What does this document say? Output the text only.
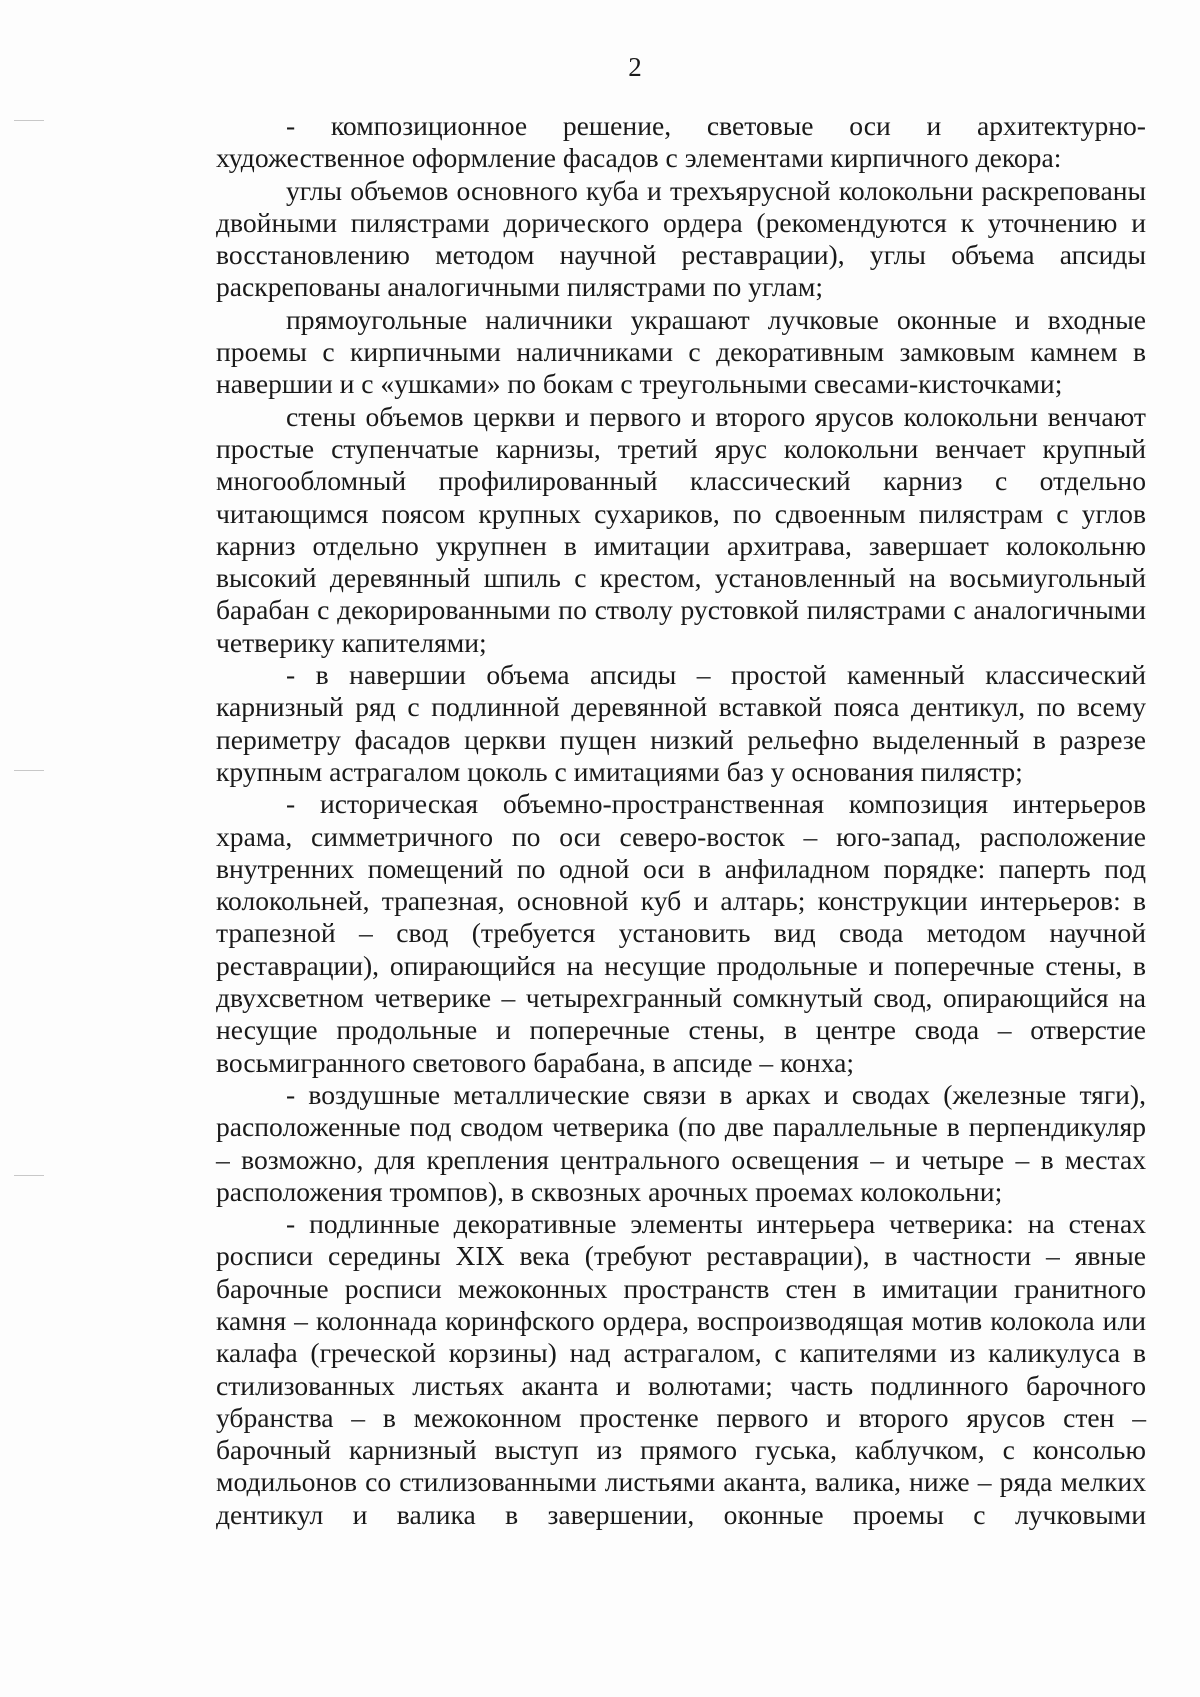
2

- композиционное решение, световые оси и архитектурно-художественное оформление фасадов с элементами кирпичного декора:

углы объемов основного куба и трехъярусной колокольни раскрепованы двойными пилястрами дорического ордера (рекомендуются к уточнению и восстановлению методом научной реставрации), углы объема апсиды раскрепованы аналогичными пилястрами по углам;

прямоугольные наличники украшают лучковые оконные и входные проемы с кирпичными наличниками с декоративным замковым камнем в навершии и с «ушками» по бокам с треугольными свесами-кисточками;

стены объемов церкви и первого и второго ярусов колокольни венчают простые ступенчатые карнизы, третий ярус колокольни венчает крупный многообломный профилированный классический карниз с отдельно читающимся поясом крупных сухариков, по сдвоенным пилястрам с углов карниз отдельно укрупнен в имитации архитрава, завершает колокольню высокий деревянный шпиль с крестом, установленный на восьмиугольный барабан с декорированными по стволу рустовкой пилястрами с аналогичными четверику капителями;

- в навершии объема апсиды – простой каменный классический карнизный ряд с подлинной деревянной вставкой пояса дентикул, по всему периметру фасадов церкви пущен низкий рельефно выделенный в разрезе крупным астрагалом цоколь с имитациями баз у основания пилястр;

- историческая объемно-пространственная композиция интерьеров храма, симметричного по оси северо-восток – юго-запад, расположение внутренних помещений по одной оси в анфиладном порядке: паперть под колокольней, трапезная, основной куб и алтарь; конструкции интерьеров: в трапезной – свод (требуется установить вид свода методом научной реставрации), опирающийся на несущие продольные и поперечные стены, в двухсветном четверике – четырехгранный сомкнутый свод, опирающийся на несущие продольные и поперечные стены, в центре свода – отверстие восьмигранного светового барабана, в апсиде – конха;

- воздушные металлические связи в арках и сводах (железные тяги), расположенные под сводом четверика (по две параллельные в перпендикуляр – возможно, для крепления центрального освещения – и четыре – в местах расположения тромпов), в сквозных арочных проемах колокольни;

- подлинные декоративные элементы интерьера четверика: на стенах росписи середины XIX века (требуют реставрации), в частности – явные барочные росписи межоконных пространств стен в имитации гранитного камня – колоннада коринфского ордера, воспроизводящая мотив колокола или калафа (греческой корзины) над астрагалом, с капителями из каликулуса в стилизованных листьях аканта и волютами; часть подлинного барочного убранства – в межоконном простенке первого и второго ярусов стен – барочный карнизный выступ из прямого гуська, каблучком, с консолью модильонов со стилизованными листьями аканта, валика, ниже – ряда мелких дентикул и валика в завершении, оконные проемы с лучковыми
